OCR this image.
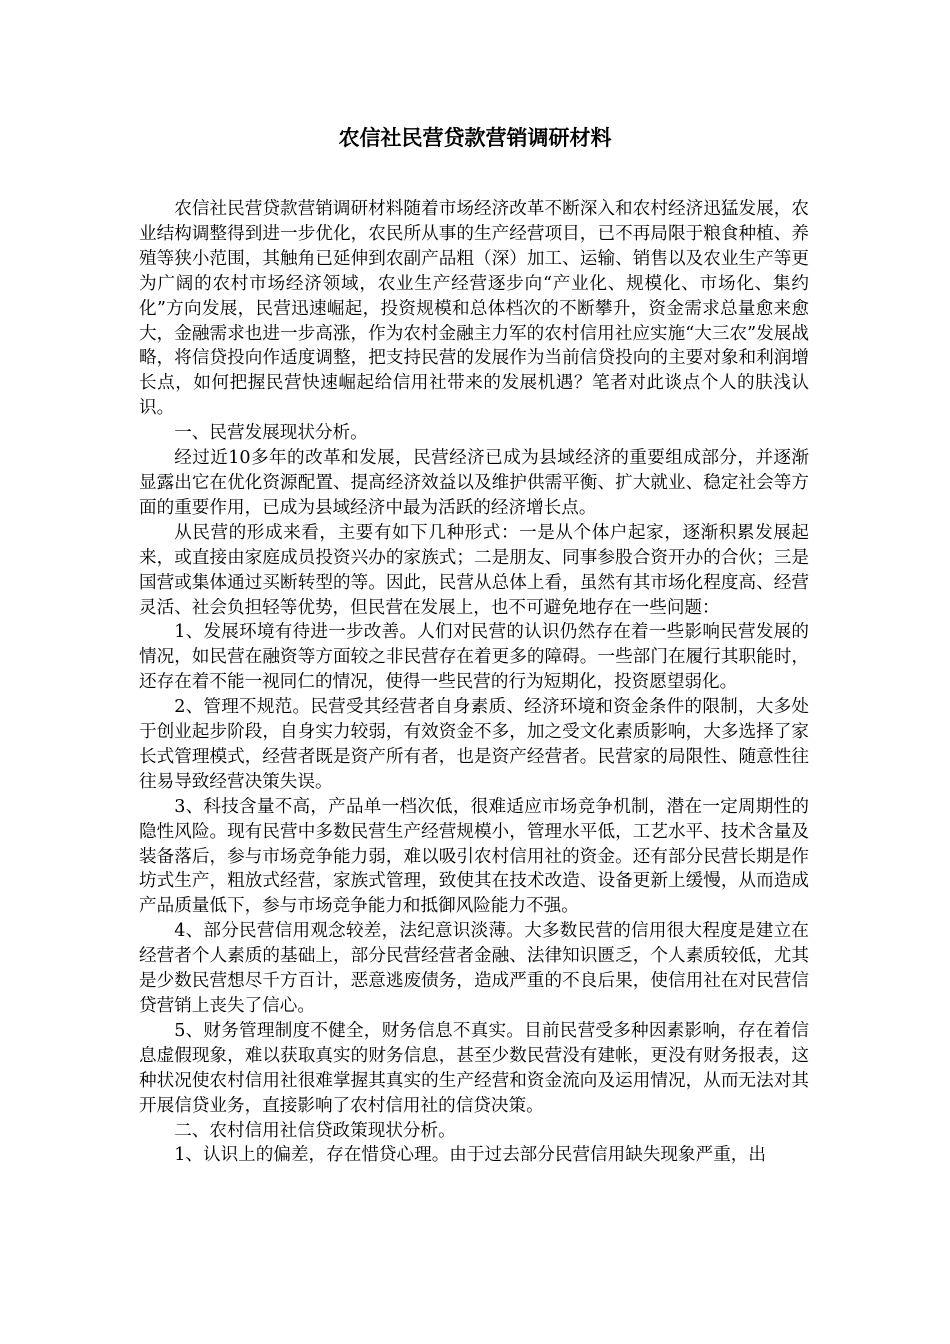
农信社民营贷款营销调研材料

农信社民营贷款营销调研材料随着市场经济改革不断深入和农村经济迅猛发展，农业结构调整得到进一步优化，农民所从事的生产经营项目，已不再局限于粮食种植、养殖等狭小范围，其触角已延伸到农副产品粗（深）加工、运输、销售以及农业生产等更为广阔的农村市场经济领域，农业生产经营逐步向“产业化、规模化、市场化、集约化”方向发展，民营迅速崛起，投资规模和总体档次的不断攀升，资金需求总量愈来愈大，金融需求也进一步高涨，作为农村金融主力军的农村信用社应实施“大三农”发展战略，将信贷投向作适度调整，把支持民营的发展作为当前信贷投向的主要对象和利润增长点，如何把握民营快速崛起给信用社带来的发展机遇？笔者对此谈点个人的肤浅认识。

一、民营发展现状分析。

经过近10多年的改革和发展，民营经济已成为县域经济的重要组成部分，并逐渐显露出它在优化资源配置、提高经济效益以及维护供需平衡、扩大就业、稳定社会等方面的重要作用，已成为县域经济中最为活跃的经济增长点。

从民营的形成来看，主要有如下几种形式：一是从个体户起家，逐渐积累发展起来，或直接由家庭成员投资兴办的家族式；二是朋友、同事参股合资开办的合伙；三是国营或集体通过买断转型的等。因此，民营从总体上看，虽然有其市场化程度高、经营灵活、社会负担轻等优势，但民营在发展上，也不可避免地存在一些问题：

1、发展环境有待进一步改善。人们对民营的认识仍然存在着一些影响民营发展的情况，如民营在融资等方面较之非民营存在着更多的障碍。一些部门在履行其职能时，还存在着不能一视同仁的情况，使得一些民营的行为短期化，投资愿望弱化。

2、管理不规范。民营受其经营者自身素质、经济环境和资金条件的限制，大多处于创业起步阶段，自身实力较弱，有效资金不多，加之受文化素质影响，大多选择了家长式管理模式，经营者既是资产所有者，也是资产经营者。民营家的局限性、随意性往往易导致经营决策失误。

3、科技含量不高，产品单一档次低，很难适应市场竞争机制，潜在一定周期性的隐性风险。现有民营中多数民营生产经营规模小，管理水平低，工艺水平、技术含量及装备落后，参与市场竞争能力弱，难以吸引农村信用社的资金。还有部分民营长期是作坊式生产，粗放式经营，家族式管理，致使其在技术改造、设备更新上缓慢，从而造成产品质量低下，参与市场竞争能力和抵御风险能力不强。

4、部分民营信用观念较差，法纪意识淡薄。大多数民营的信用很大程度是建立在经营者个人素质的基础上，部分民营经营者金融、法律知识匮乏，个人素质较低，尤其是少数民营想尽千方百计，恶意逃废债务，造成严重的不良后果，使信用社在对民营信贷营销上丧失了信心。

5、财务管理制度不健全，财务信息不真实。目前民营受多种因素影响，存在着信息虚假现象，难以获取真实的财务信息，甚至少数民营没有建帐，更没有财务报表，这种状况使农村信用社很难掌握其真实的生产经营和资金流向及运用情况，从而无法对其开展信贷业务，直接影响了农村信用社的信贷决策。

二、农村信用社信贷政策现状分析。

1、认识上的偏差，存在惜贷心理。由于过去部分民营信用缺失现象严重，出
